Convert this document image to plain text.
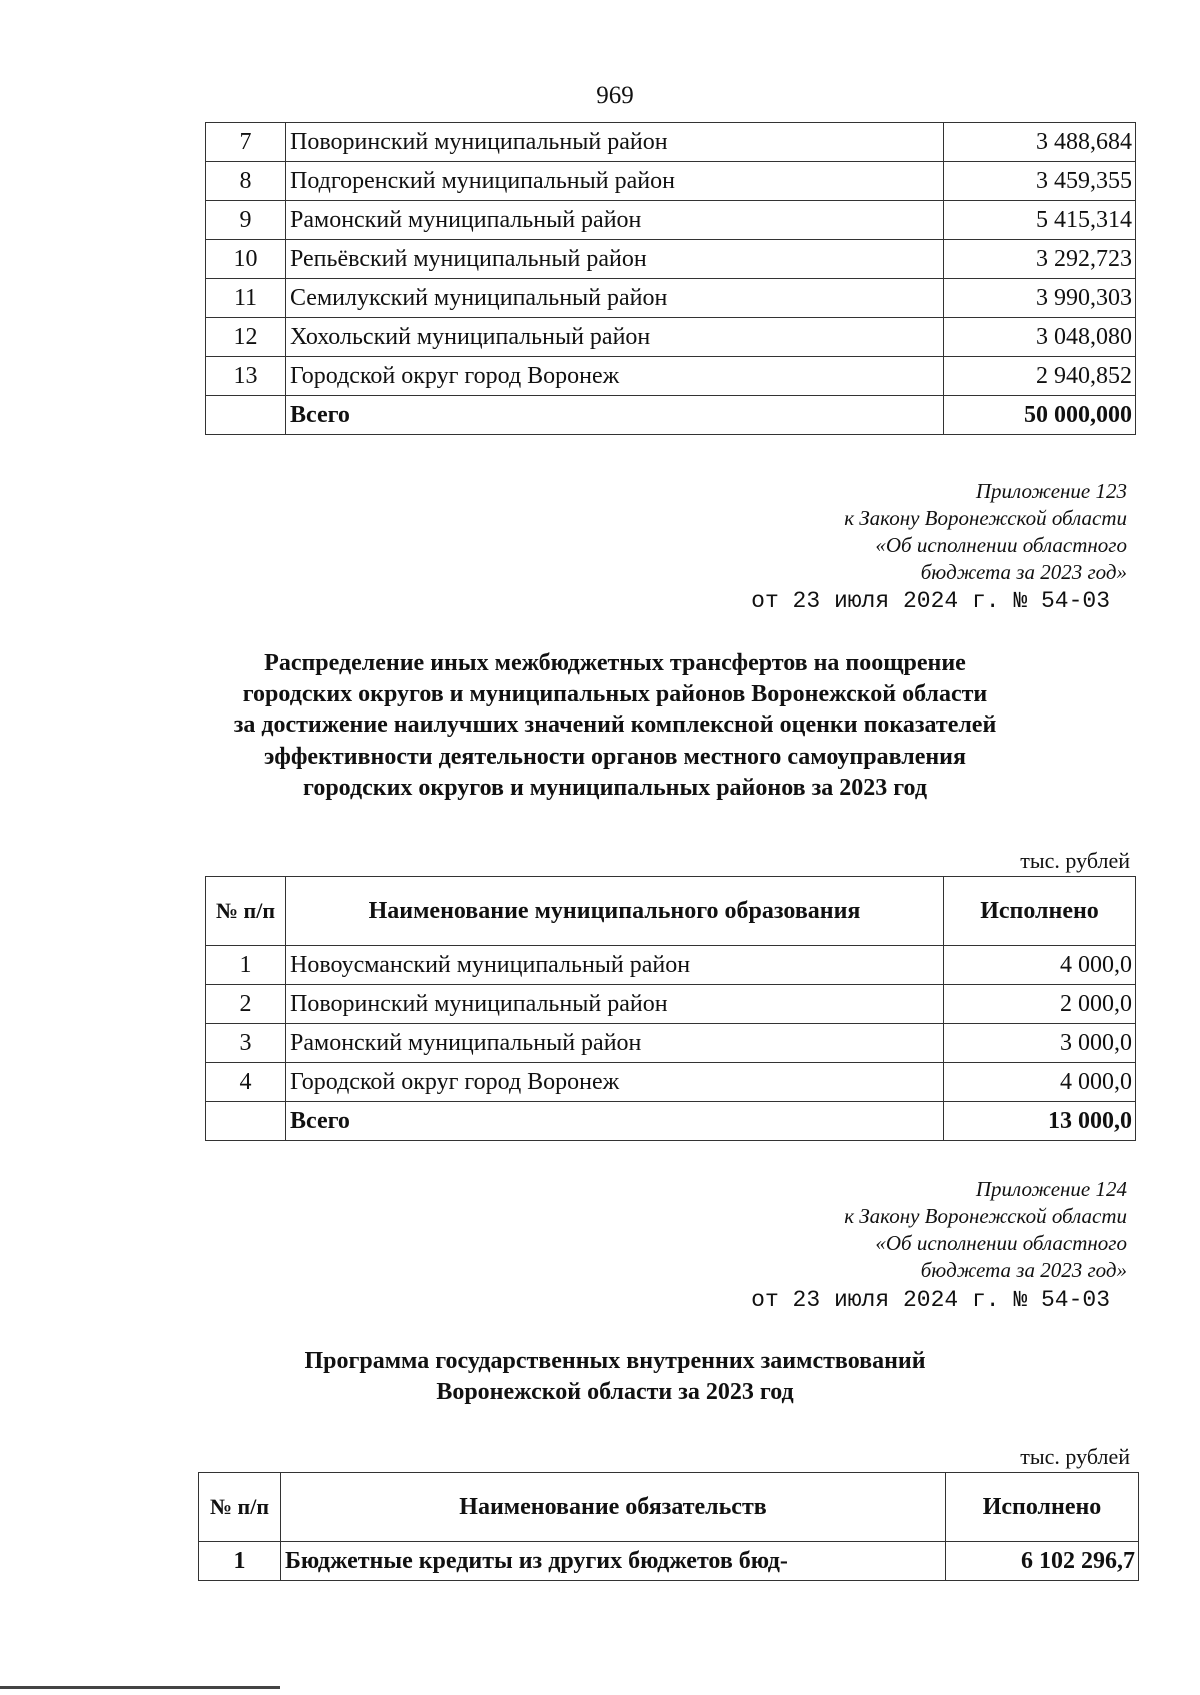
969
7	Поворинский муниципальный район	3 488,684
8	Подгоренский муниципальный район	3 459,355
9	Рамонский муниципальный район	5 415,314
10	Репьёвский муниципальный район	3 292,723
11	Семилукский муниципальный район	3 990,303
12	Хохольский муниципальный район	3 048,080
13	Городской округ город Воронеж	2 940,852
	Всего	50 000,000
Приложение 123
к Закону Воронежской области
«Об исполнении областного
бюджета за 2023 год»
от 23 июля 2024 г. № 54-03
Распределение иных межбюджетных трансфертов на поощрение
городских округов и муниципальных районов Воронежской области
за достижение наилучших значений комплексной оценки показателей
эффективности деятельности органов местного самоуправления
городских округов и муниципальных районов за 2023 год
тыс. рублей
№ п/п	Наименование муниципального образования	Исполнено
1	Новоусманский муниципальный район	4 000,0
2	Поворинский муниципальный район	2 000,0
3	Рамонский муниципальный район	3 000,0
4	Городской округ город Воронеж	4 000,0
	Всего	13 000,0
Приложение 124
к Закону Воронежской области
«Об исполнении областного
бюджета за 2023 год»
от 23 июля 2024 г. № 54-03
Программа государственных внутренних заимствований
Воронежской области за 2023 год
тыс. рублей
№ п/п	Наименование обязательств	Исполнено
1	Бюджетные кредиты из других бюджетов бюд-	6 102 296,7
